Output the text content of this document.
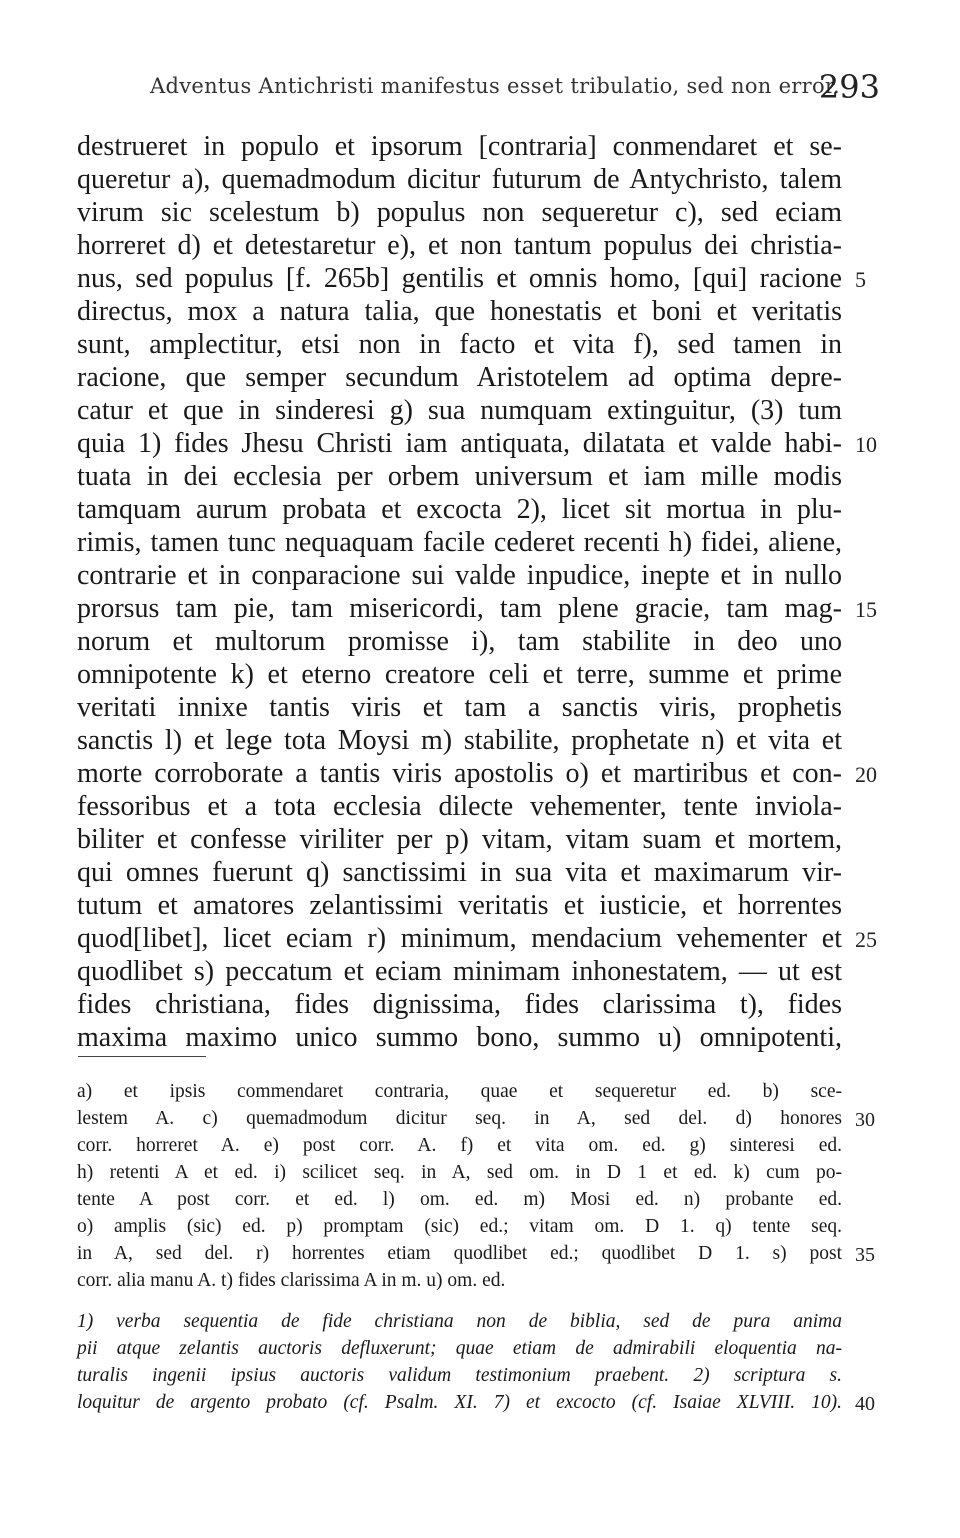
Adventus Antichristi manifestus esset tribulatio, sed non error.
293
destrueret in populo et ipsorum [contraria] conmendaret et se-
queretur a), quemadmodum dicitur futurum de Antychristo, talem
virum sic scelestum b) populus non sequeretur c), sed eciam
horreret d) et detestaretur e), et non tantum populus dei christia-
nus, sed populus [f. 265b] gentilis et omnis homo, [qui] racione
directus, mox a natura talia, que honestatis et boni et veritatis
sunt, amplectitur, etsi non in facto et vita f), sed tamen in
racione, que semper secundum Aristotelem ad optima depre-
catur et que in sinderesi g) sua numquam extinguitur, (3) tum
quia 1) fides Jhesu Christi iam antiquata, dilatata et valde habi-
tuata in dei ecclesia per orbem universum et iam mille modis
tamquam aurum probata et excocta 2), licet sit mortua in plu-
rimis, tamen tunc nequaquam facile cederet recenti h) fidei, aliene,
contrarie et in conparacione sui valde inpudice, inepte et in nullo
prorsus tam pie, tam misericordi, tam plene gracie, tam mag-
norum et multorum promisse i), tam stabilite in deo uno
omnipotente k) et eterno creatore celi et terre, summe et prime
veritati innixe tantis viris et tam a sanctis viris, prophetis
sanctis l) et lege tota Moysi m) stabilite, prophetate n) et vita et
morte corroborate a tantis viris apostolis o) et martiribus et con-
fessoribus et a tota ecclesia dilecte vehementer, tente inviola-
biliter et confesse viriliter per p) vitam, vitam suam et mortem,
qui omnes fuerunt q) sanctissimi in sua vita et maximarum vir-
tutum et amatores zelantissimi veritatis et iusticie, et horrentes
quod[libet], licet eciam r) minimum, mendacium vehementer et
quodlibet s) peccatum et eciam minimam inhonestatem, — ut est
fides christiana, fides dignissima, fides clarissima t), fides
maxima maximo unico summo bono, summo u) omnipotenti,
5
10
15
20
25
a) et ipsis commendaret contraria, quae et sequeretur ed. b) sce-
lestem A. c) quemadmodum dicitur seq. in A, sed del. d) honores
corr. horreret A. e) post corr. A. f) et vita om. ed. g) sinteresi ed.
h) retenti A et ed. i) scilicet seq. in A, sed om. in D 1 et ed. k) cum po-
tente A post corr. et ed. l) om. ed. m) Mosi ed. n) probante ed.
o) amplis (sic) ed. p) promptam (sic) ed.; vitam om. D 1. q) tente seq.
in A, sed del. r) horrentes etiam quodlibet ed.; quodlibet D 1. s) post
corr. alia manu A. t) fides clarissima A in m. u) om. ed.
30
35
1) verba sequentia de fide christiana non de biblia, sed de pura anima
pii atque zelantis auctoris defluxerunt; quae etiam de admirabili eloquentia na-
turalis ingenii ipsius auctoris validum testimonium praebent. 2) scriptura s.
loquitur de argento probato (cf. Psalm. XI. 7) et excocto (cf. Isaiae XLVIII. 10). 40
